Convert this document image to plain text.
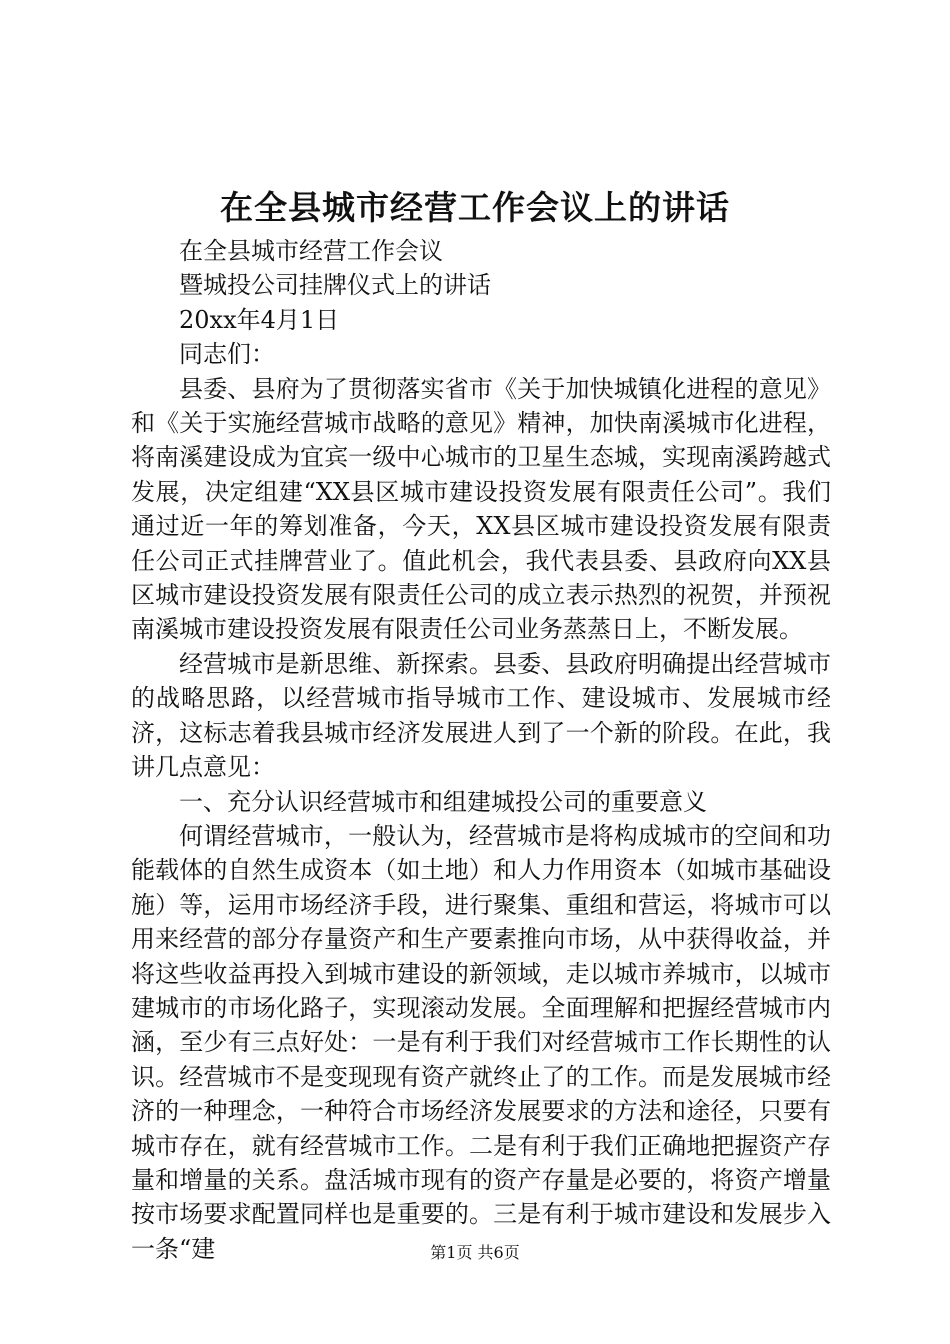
在全县城市经营工作会议上的讲话

在全县城市经营工作会议

暨城投公司挂牌仪式上的讲话

20xx年4月1日

同志们：

县委、县府为了贯彻落实省市《关于加快城镇化进程的意见》和《关于实施经营城市战略的意见》精神，加快南溪城市化进程，将南溪建设成为宜宾一级中心城市的卫星生态城，实现南溪跨越式发展，决定组建“XX县区城市建设投资发展有限责任公司”。我们通过近一年的筹划准备，今天，XX县区城市建设投资发展有限责任公司正式挂牌营业了。值此机会，我代表县委、县政府向XX县区城市建设投资发展有限责任公司的成立表示热烈的祝贺，并预祝南溪城市建设投资发展有限责任公司业务蒸蒸日上，不断发展。

经营城市是新思维、新探索。县委、县政府明确提出经营城市的战略思路，以经营城市指导城市工作、建设城市、发展城市经济，这标志着我县城市经济发展进人到了一个新的阶段。在此，我讲几点意见：

一、充分认识经营城市和组建城投公司的重要意义

何谓经营城市，一般认为，经营城市是将构成城市的空间和功能载体的自然生成资本（如土地）和人力作用资本（如城市基础设施）等，运用市场经济手段，进行聚集、重组和营运，将城市可以用来经营的部分存量资产和生产要素推向市场，从中获得收益，并将这些收益再投入到城市建设的新领域，走以城市养城市，以城市建城市的市场化路子，实现滚动发展。全面理解和把握经营城市内涵，至少有三点好处：一是有利于我们对经营城市工作长期性的认识。经营城市不是变现现有资产就终止了的工作。而是发展城市经济的一种理念，一种符合市场经济发展要求的方法和途径，只要有城市存在，就有经营城市工作。二是有利于我们正确地把握资产存量和增量的关系。盘活城市现有的资产存量是必要的，将资产增量按市场要求配置同样也是重要的。三是有利于城市建设和发展步入一条“建	第1页 共6页
